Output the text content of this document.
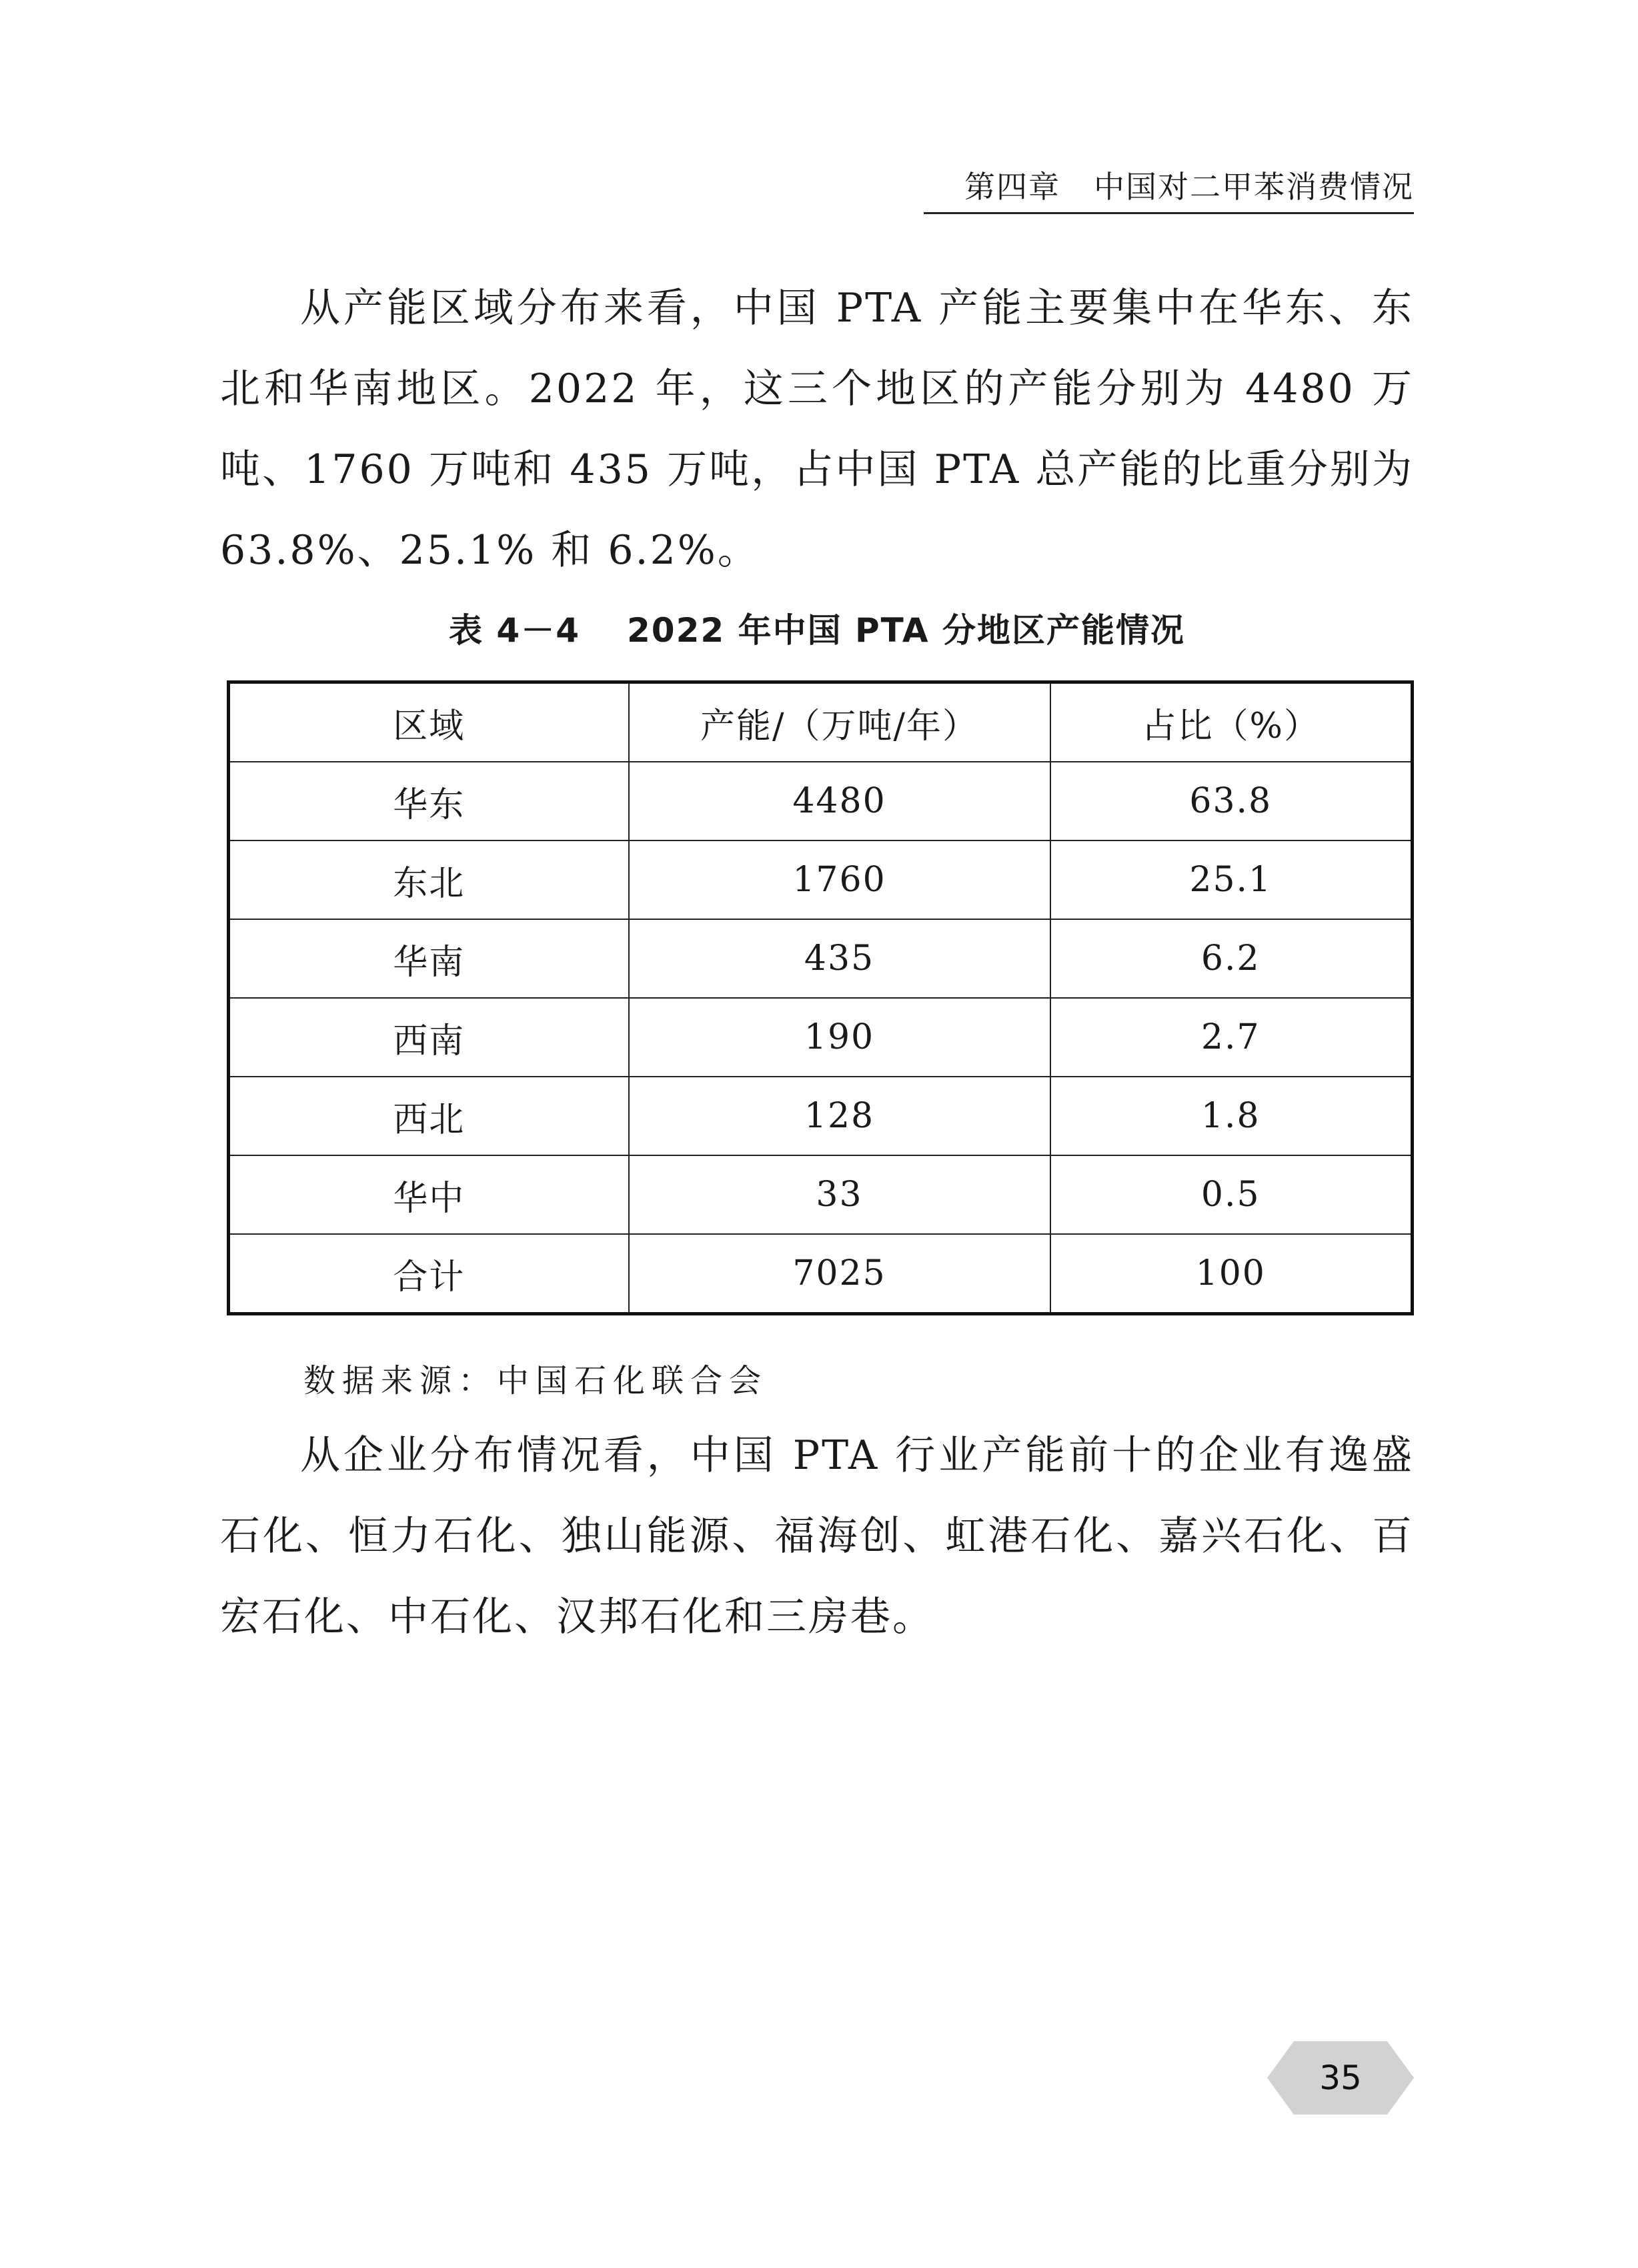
第四章 中国对二甲苯消费情况

从产能区域分布来看，中国 PTA 产能主要集中在华东、东北和华南地区。2022 年，这三个地区的产能分别为 4480 万吨、1760 万吨和 435 万吨，占中国 PTA 总产能的比重分别为 63.8%、25.1% 和 6.2%。

表 4－4 2022 年中国 PTA 分地区产能情况
区域	产能/（万吨/年）	占比（%）
华东	4480	63.8
东北	1760	25.1
华南	435	6.2
西南	190	2.7
西北	128	1.8
华中	33	0.5
合计	7025	100
数据来源：中国石化联合会

从企业分布情况看，中国 PTA 行业产能前十的企业有逸盛石化、恒力石化、独山能源、福海创、虹港石化、嘉兴石化、百宏石化、中石化、汉邦石化和三房巷。

35
